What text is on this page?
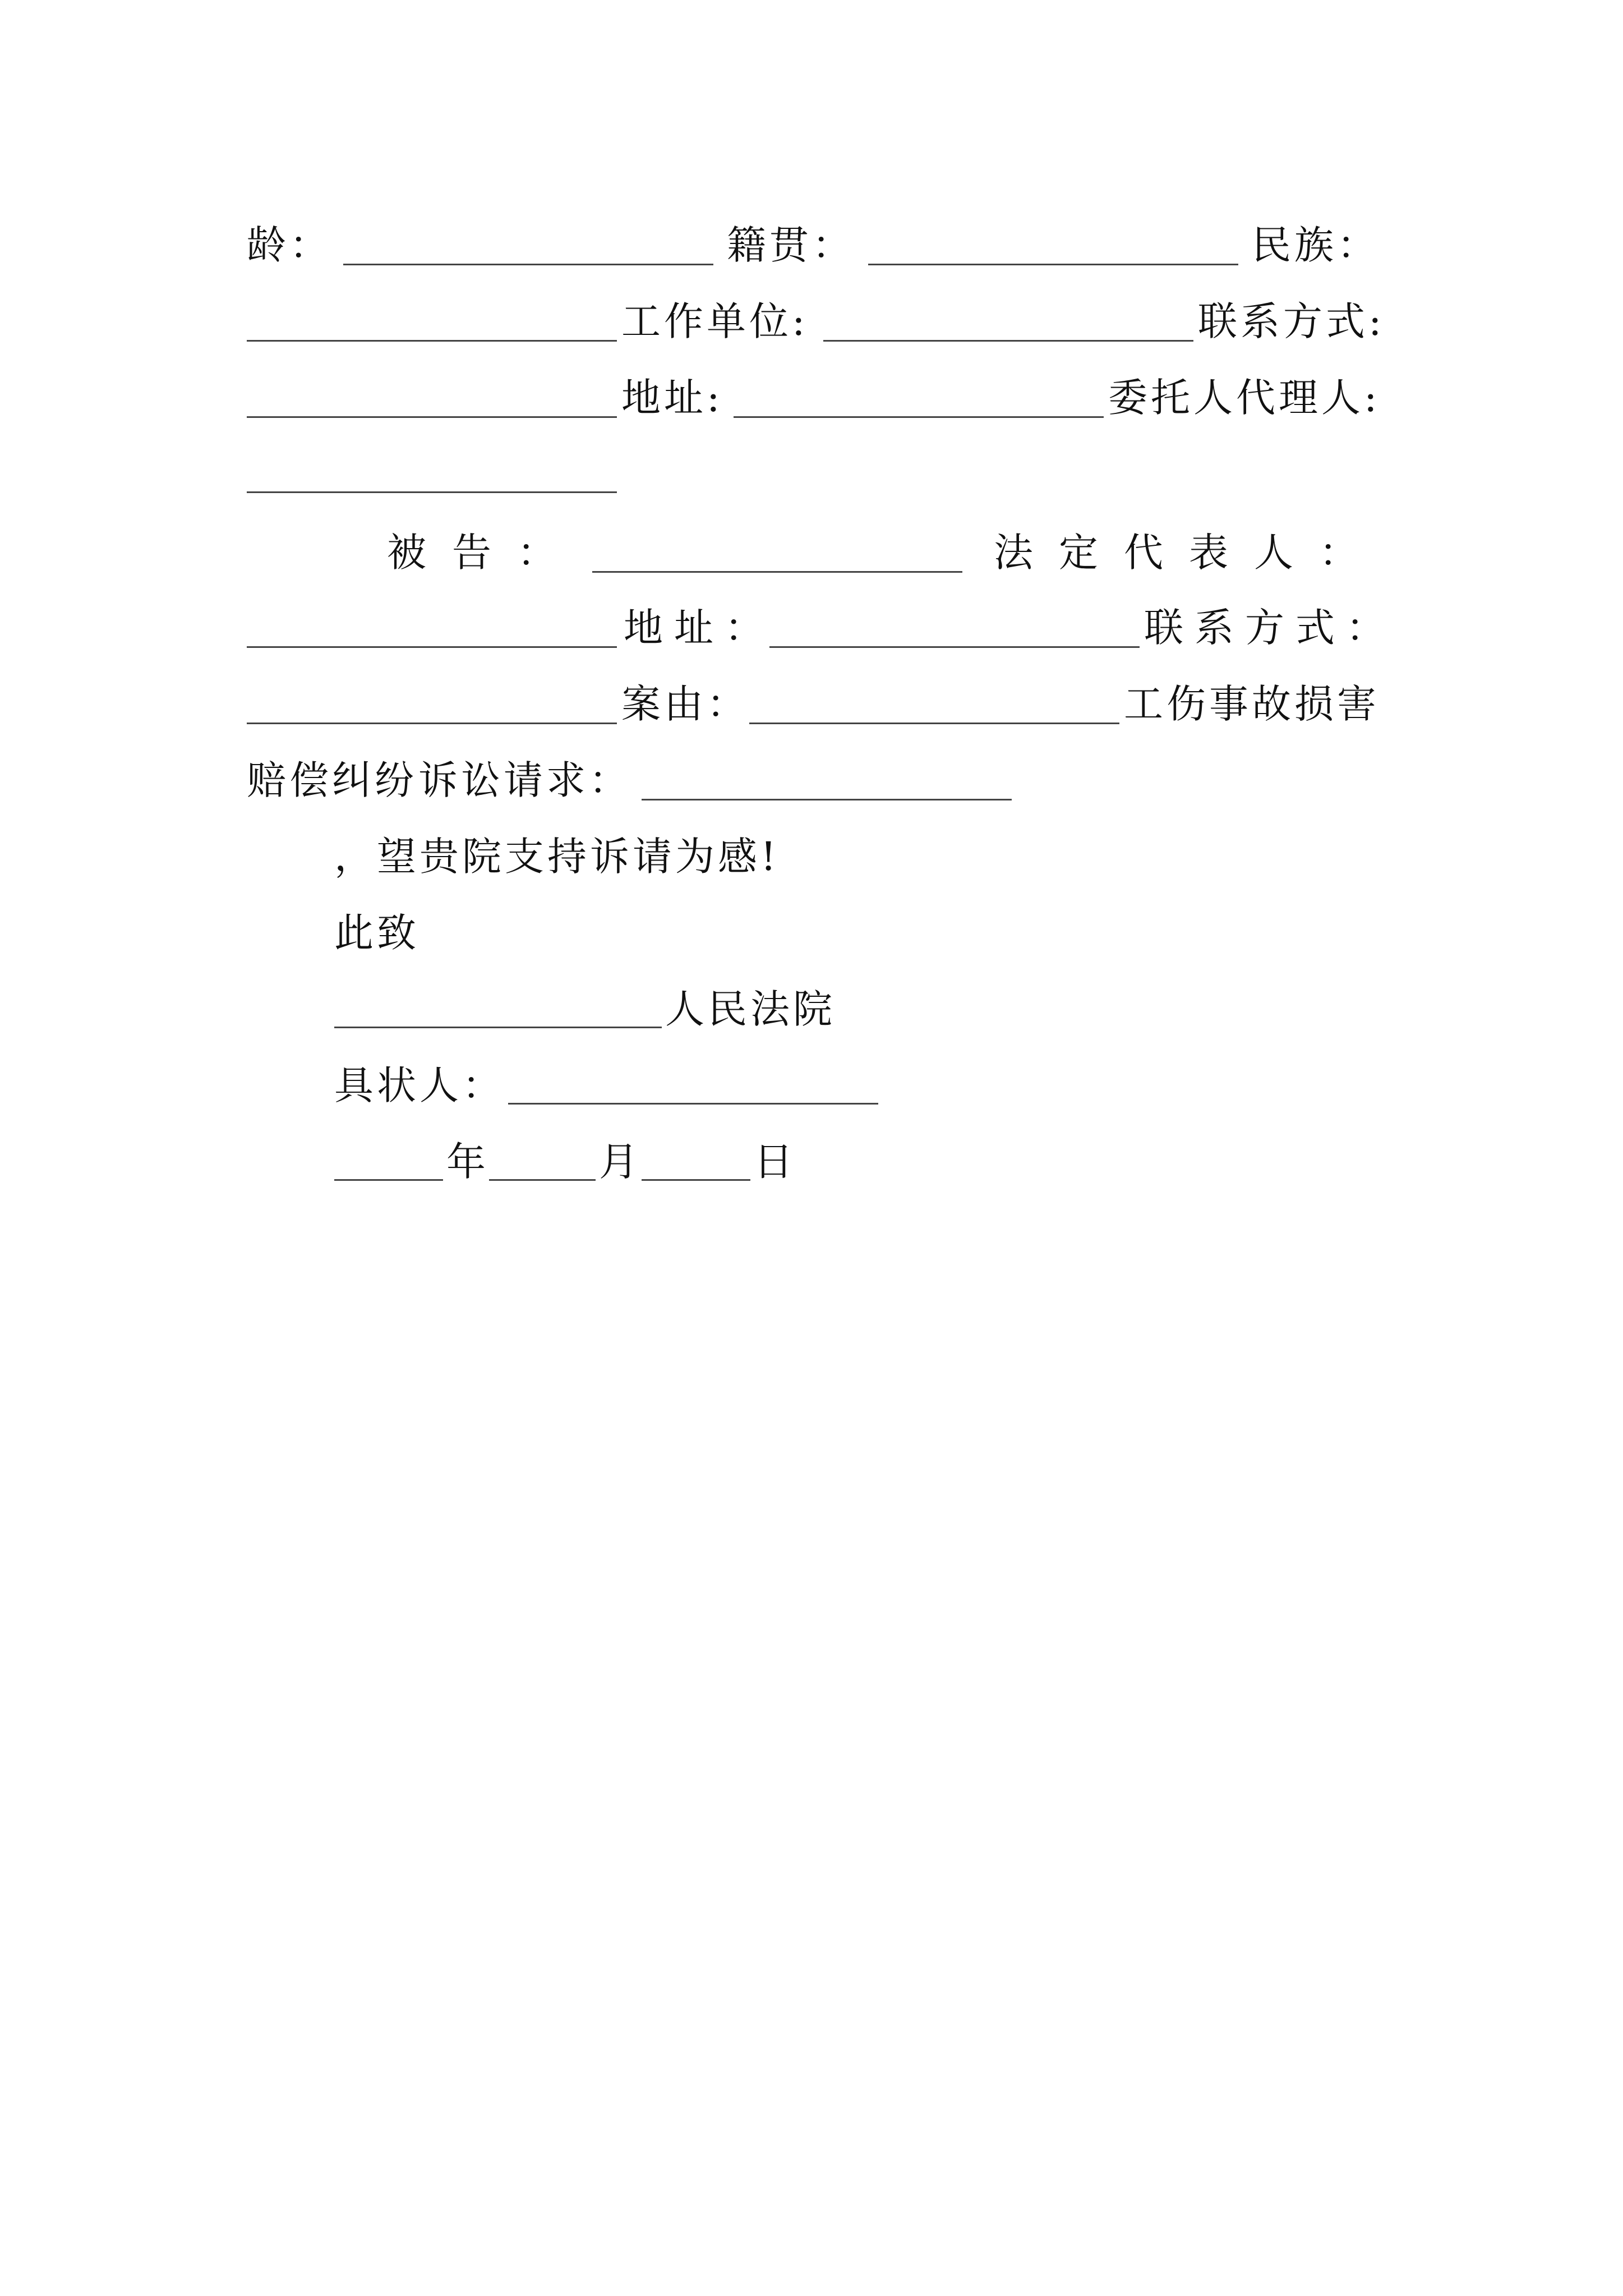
龄：	籍贯：	民族：
工作单位:	联系方式:
地址:	委托人代理人:
被告：	法定代表人：
地址：	联系方式：
案由：	工伤事故损害
赔偿纠纷 诉讼请求：
，望贵院支持诉请为感!
此致
人民法院
具状人：
年	月	日
